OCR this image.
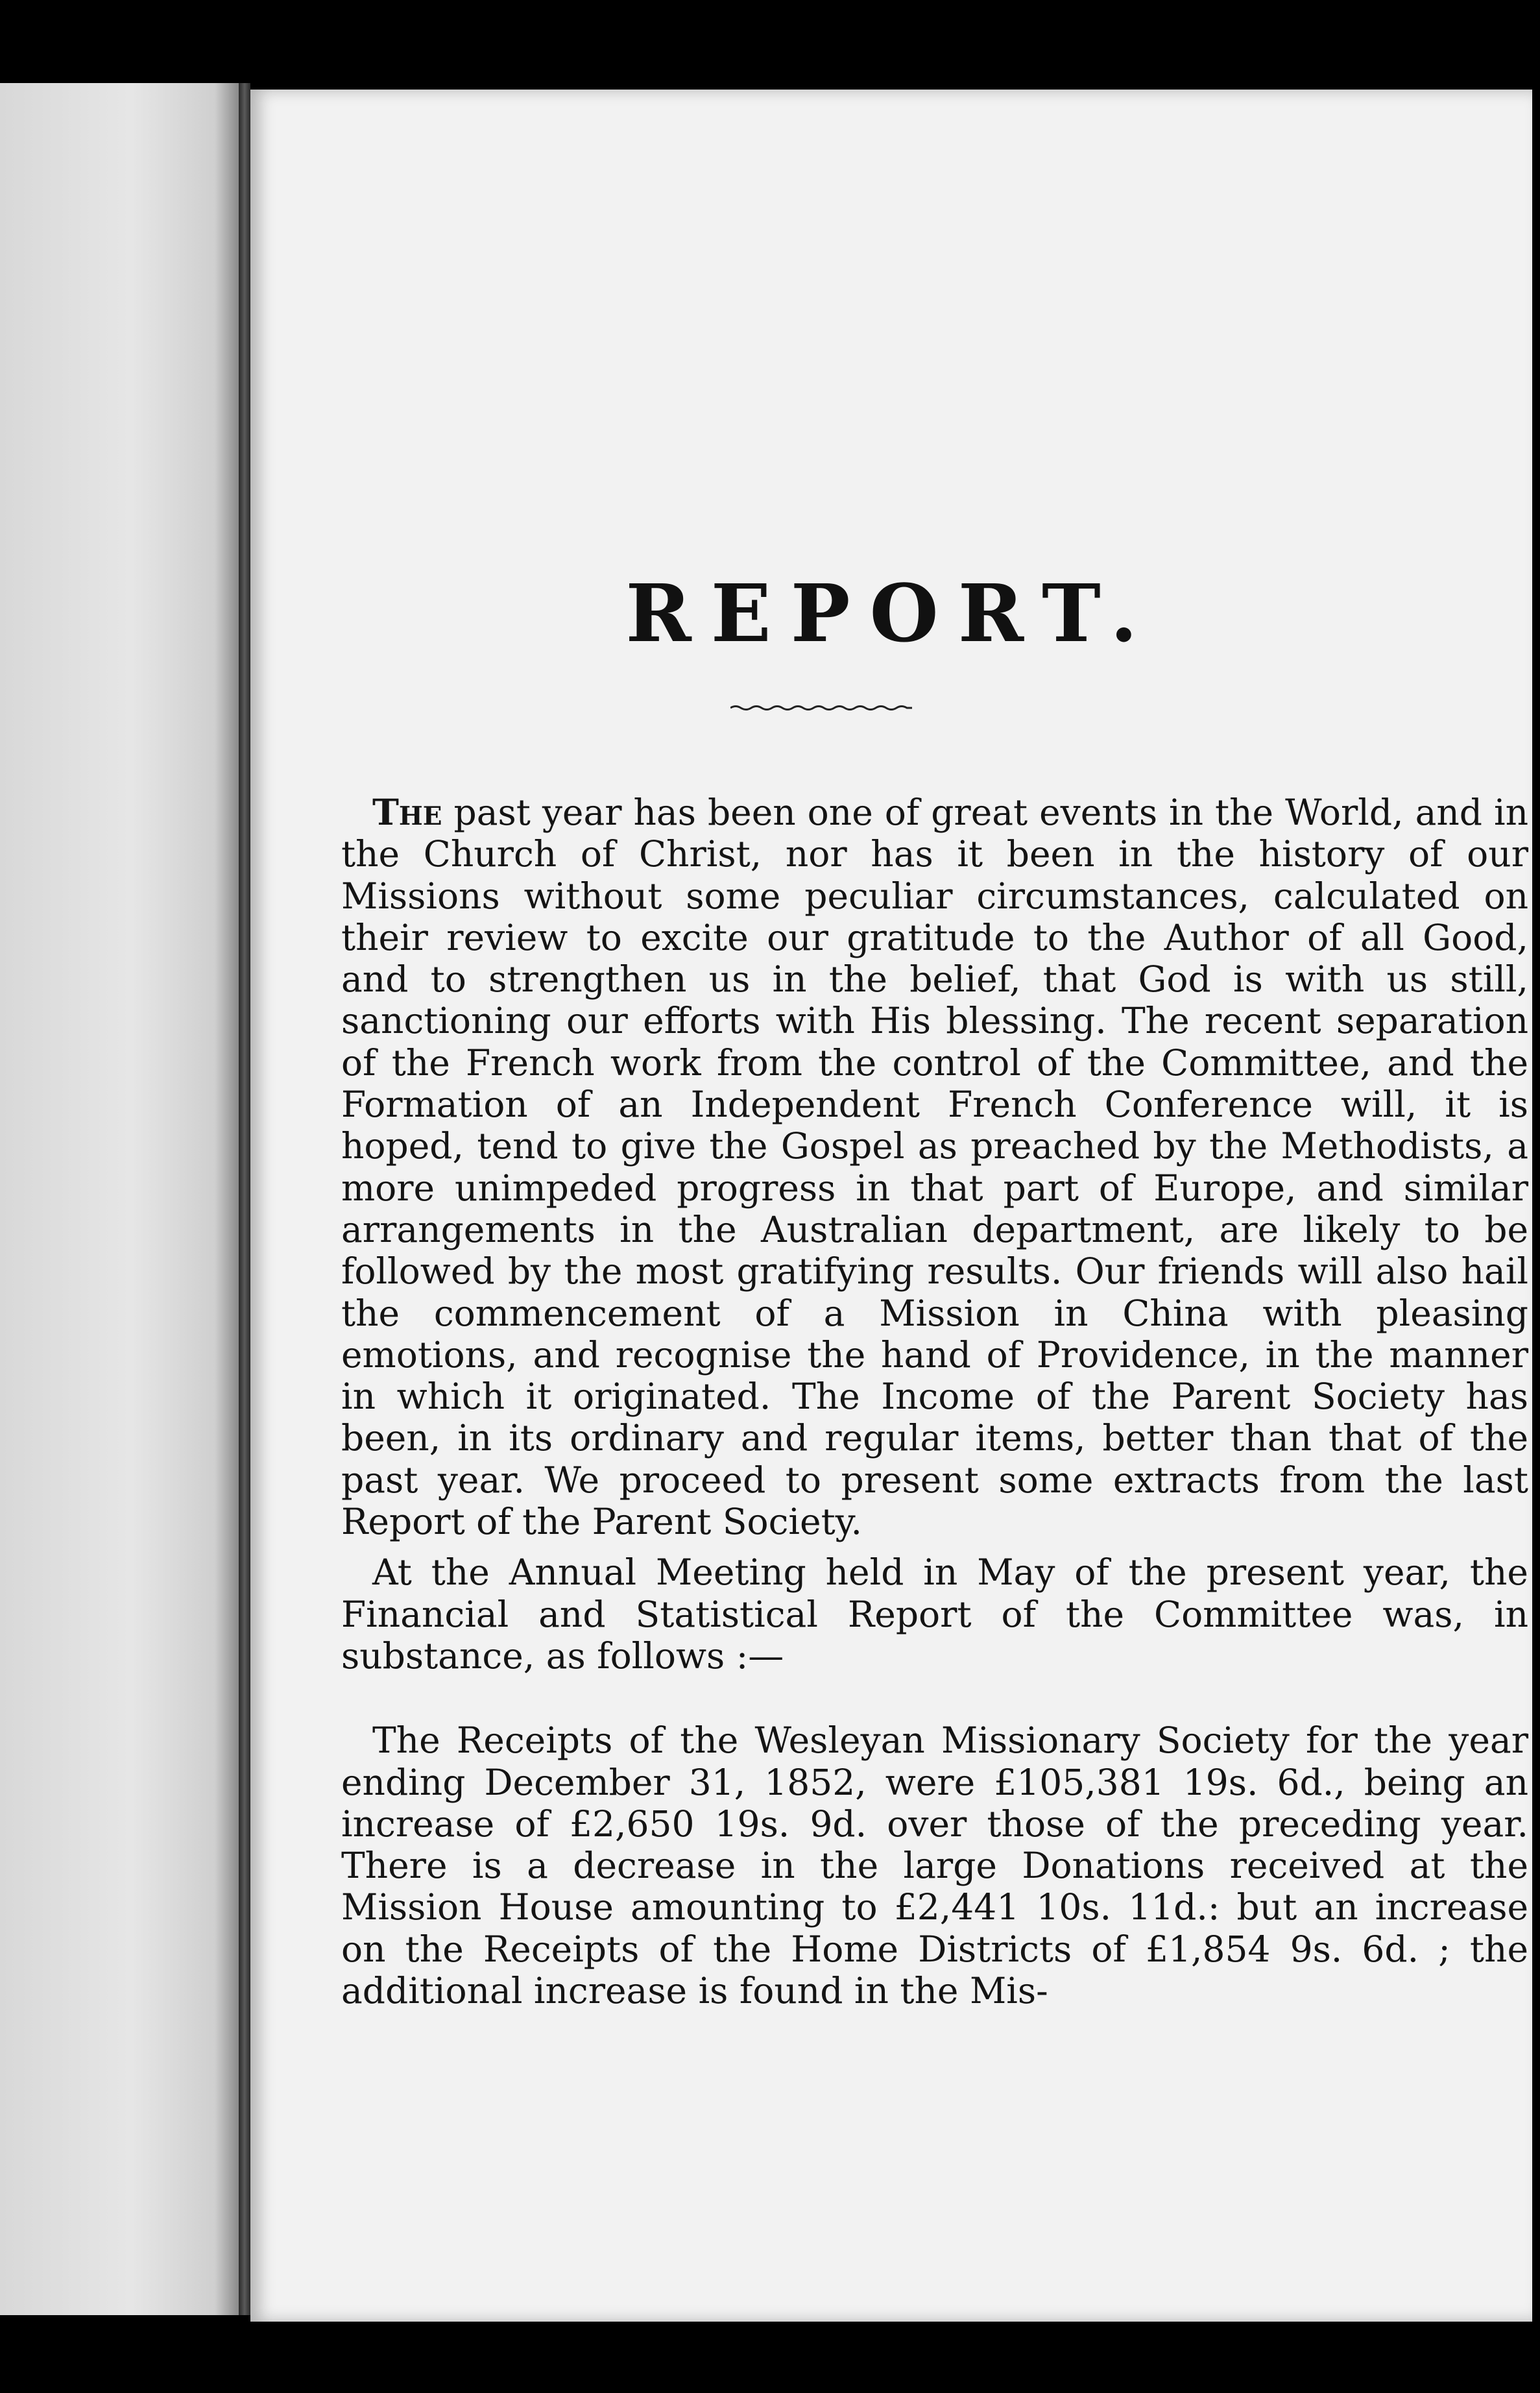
REPORT.

The past year has been one of great events in the World, and in the Church of Christ, nor has it been in the history of our Missions without some peculiar circumstances, calculated on their review to excite our gratitude to the Author of all Good, and to strengthen us in the belief, that God is with us still, sanctioning our efforts with His blessing. The recent separation of the French work from the control of the Committee, and the Formation of an Independent French Conference will, it is hoped, tend to give the Gospel as preached by the Methodists, a more unimpeded progress in that part of Europe, and similar arrangements in the Australian department, are likely to be followed by the most gratifying results. Our friends will also hail the commencement of a Mission in China with pleasing emotions, and recognise the hand of Providence, in the manner in which it originated. The Income of the Parent Society has been, in its ordinary and regular items, better than that of the past year. We proceed to present some extracts from the last Report of the Parent Society.

At the Annual Meeting held in May of the present year, the Financial and Statistical Report of the Committee was, in substance, as follows :—

The Receipts of the Wesleyan Missionary Society for the year ending December 31, 1852, were £105,381 19s. 6d., being an increase of £2,650 19s. 9d. over those of the preceding year. There is a decrease in the large Donations received at the Mission House amounting to £2,441 10s. 11d.: but an increase on the Receipts of the Home Districts of £1,854 9s. 6d. ; the additional increase is found in the Mis-
